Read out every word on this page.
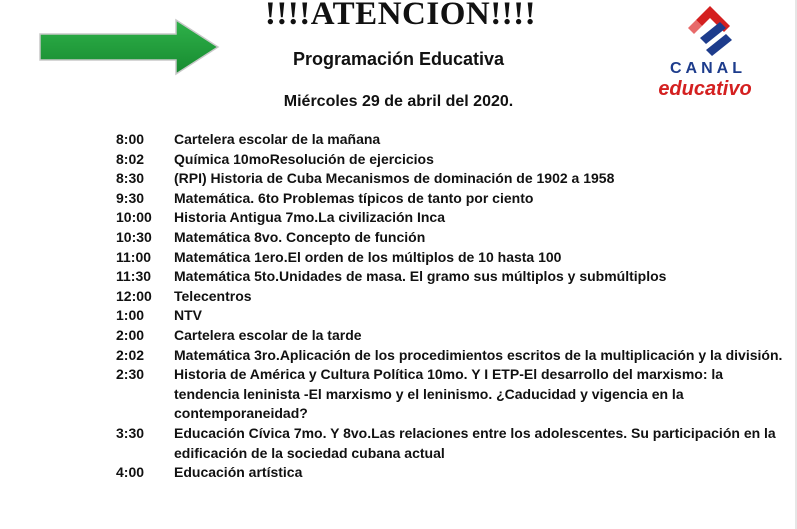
!!!!ATENCION!!!!
Programación Educativa
Miércoles 29 de abril del 2020.
CANAL
educativo
8:00	Cartelera escolar de la mañana
8:02	Química 10moResolución de ejercicios
8:30	(RPI) Historia de Cuba Mecanismos de dominación de 1902 a 1958
9:30	Matemática. 6to Problemas típicos de tanto por ciento
10:00	Historia Antigua 7mo.La civilización Inca
10:30	Matemática 8vo. Concepto de función
11:00	Matemática 1ero.El orden de los múltiplos de 10 hasta 100
11:30	Matemática 5to.Unidades de masa. El gramo sus múltiplos y submúltiplos
12:00	Telecentros
1:00	NTV
2:00	Cartelera escolar de la tarde
2:02	Matemática 3ro.Aplicación de los procedimientos escritos de la multiplicación y la división.
2:30	Historia de América y Cultura Política 10mo. Y I ETP-El desarrollo del marxismo: la tendencia leninista -El marxismo y el leninismo. ¿Caducidad y vigencia en la contemporaneidad?
3:30	Educación Cívica 7mo. Y 8vo.Las relaciones entre los adolescentes. Su participación en la edificación de la sociedad cubana actual
4:00	Educación artística
